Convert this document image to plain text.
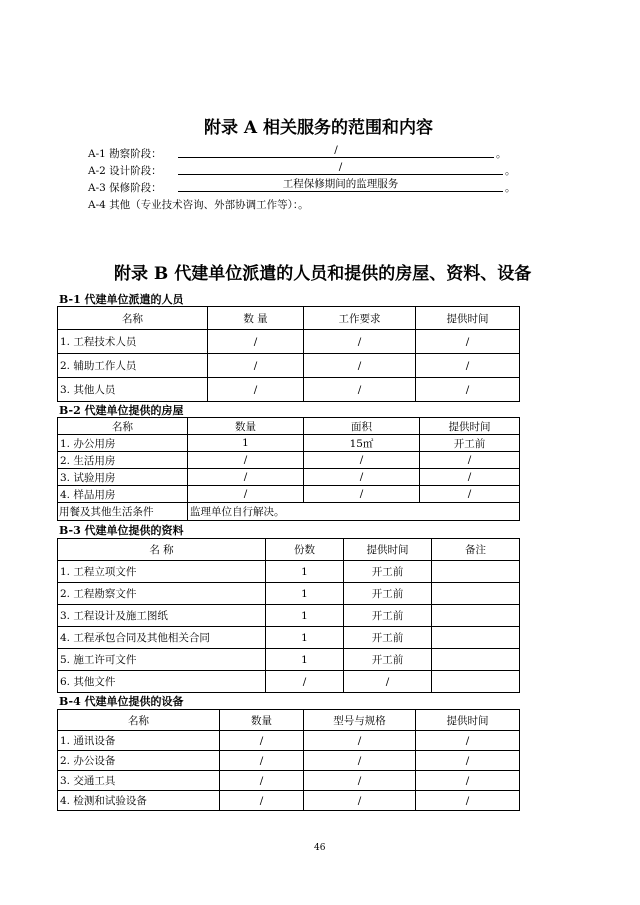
附录 A 相关服务的范围和内容
A-1 勘察阶段：	/	。
A-2 设计阶段：	/	。
A-3 保修阶段：	工程保修期间的监理服务	。
A-4 其他（专业技术咨询、外部协调工作等）：。
附录 B 代建单位派遣的人员和提供的房屋、资料、设备
B-1 代建单位派遣的人员
名称	数 量	工作要求	提供时间
1. 工程技术人员	/	/	/
2. 辅助工作人员	/	/	/
3. 其他人员	/	/	/
B-2 代建单位提供的房屋
名称	数量	面积	提供时间
1. 办公用房	1	15㎡	开工前
2. 生活用房	/	/	/
3. 试验用房	/	/	/
4. 样品用房	/	/	/
用餐及其他生活条件	监理单位自行解决。		
B-3 代建单位提供的资料
名 称	份数	提供时间	备注
1. 工程立项文件	1	开工前	
2. 工程勘察文件	1	开工前	
3. 工程设计及施工图纸	1	开工前	
4. 工程承包合同及其他相关合同	1	开工前	
5. 施工许可文件	1	开工前	
6. 其他文件	/	/	
B-4 代建单位提供的设备
名称	数量	型号与规格	提供时间
1. 通讯设备	/	/	/
2. 办公设备	/	/	/
3. 交通工具	/	/	/
4. 检测和试验设备	/	/	/
46
